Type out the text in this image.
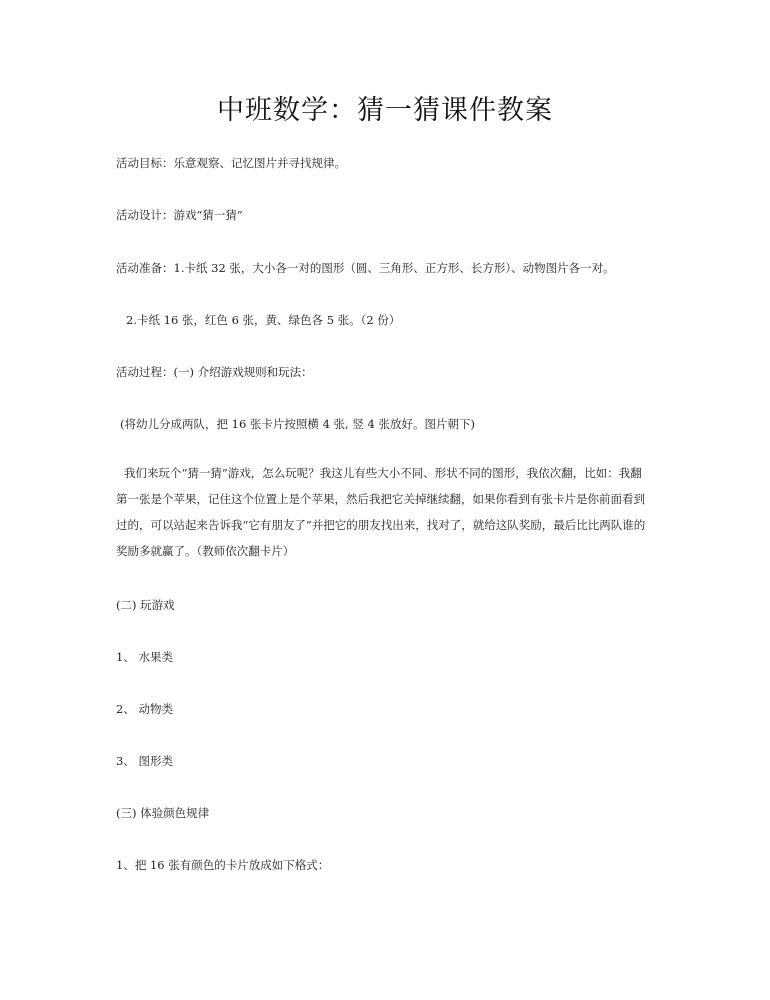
中班数学：猜一猜课件教案
活动目标：乐意观察、记忆图片并寻找规律。
活动设计：游戏“猜一猜”
活动准备：1.卡纸 32 张，大小各一对的图形（圆、三角形、正方形、长方形）、动物图片各一对。
2.卡纸 16 张，红色 6 张，黄、绿色各 5 张。（2 份）
活动过程：(一) 介绍游戏规则和玩法：
(将幼儿分成两队，把 16 张卡片按照横 4 张, 竖 4 张放好。图片朝下)
我们来玩个“猜一猜”游戏，怎么玩呢？我这儿有些大小不同、形状不同的图形，我依次翻，比如：我翻
第一张是个苹果，记住这个位置上是个苹果，然后我把它关掉继续翻，如果你看到有张卡片是你前面看到
过的，可以站起来告诉我“它有朋友了”并把它的朋友找出来，找对了，就给这队奖励，最后比比两队谁的
奖励多就赢了。（教师依次翻卡片）
(二) 玩游戏
1、 水果类
2、 动物类
3、 图形类
(三) 体验颜色规律
1、把 16 张有颜色的卡片放成如下格式：
